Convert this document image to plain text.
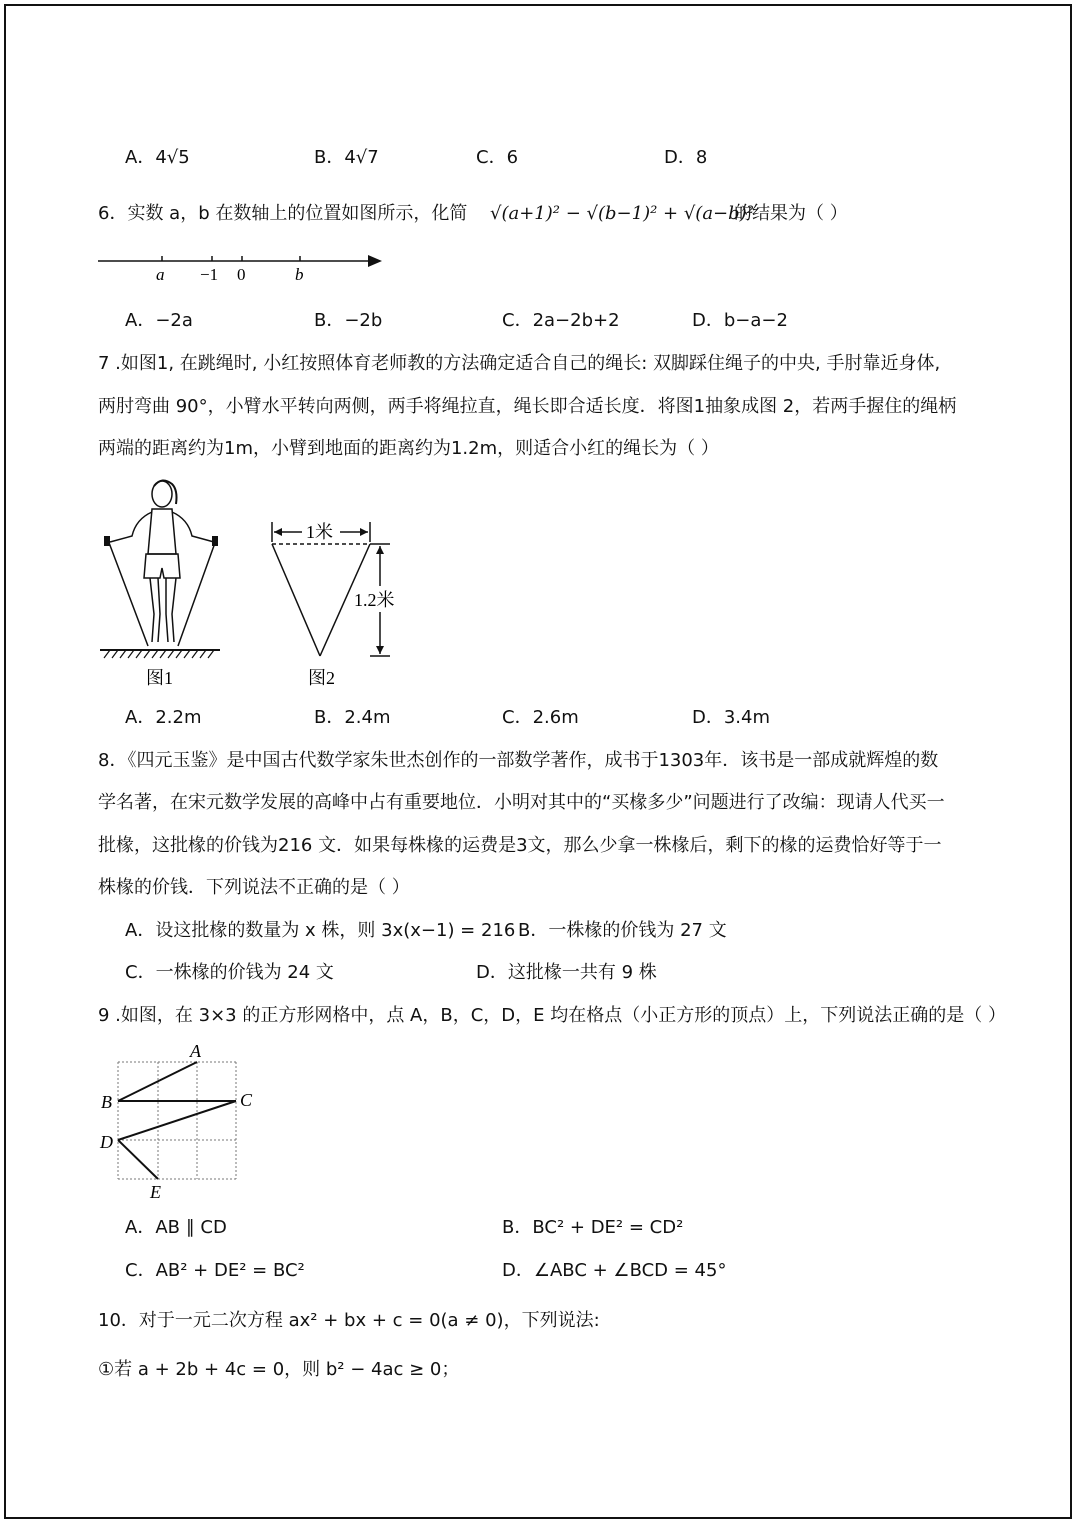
A．4√5	B．4√7	C．6	D．8
6．实数 a，b 在数轴上的位置如图所示，化简 √(a+1)² − √(b−1)² + √(a−b)²
的结果为（ ）
a −1 0	b
A．−2a	B．−2b	C．2a−2b+2	D．b−a−2
7 .如图1, 在跳绳时, 小红按照体育老师教的方法确定适合自己的绳长: 双脚踩住绳子的中央, 手肘靠近身体,
两肘弯曲 90°，小臂水平转向两侧，两手将绳拉直，绳长即合适长度．将图1抽象成图 2，若两手握住的绳柄
两端的距离约为1m，小臂到地面的距离约为1.2m，则适合小红的绳长为（ ）
图1
1米
1.2米
图2
A．2.2m	B．2.4m	C．2.6m	D．3.4m
8．《四元玉鉴》是中国古代数学家朱世杰创作的一部数学著作，成书于1303年．该书是一部成就辉煌的数
学名著，在宋元数学发展的高峰中占有重要地位．小明对其中的“买椽多少”问题进行了改编：现请人代买一
批椽，这批椽的价钱为216 文．如果每株椽的运费是3文，那么少拿一株椽后，剩下的椽的运费恰好等于一
株椽的价钱．下列说法不正确的是（ ）
A．设这批椽的数量为 x 株，则 3x(x−1) = 216 B．一株椽的价钱为 27 文
C．一株椽的价钱为 24 文	D．这批椽一共有 9 株
9 .如图，在 3×3 的正方形网格中，点 A，B，C，D，E 均在格点（小正方形的顶点）上，下列说法正确的是（ ）
A
B	C
D
E
A．AB ∥ CD	B．BC² + DE² = CD²
C．AB² + DE² = BC²	D．∠ABC + ∠BCD = 45°
10．对于一元二次方程 ax² + bx + c = 0(a ≠ 0)，下列说法:
①若 a + 2b + 4c = 0，则 b² − 4ac ≥ 0；
